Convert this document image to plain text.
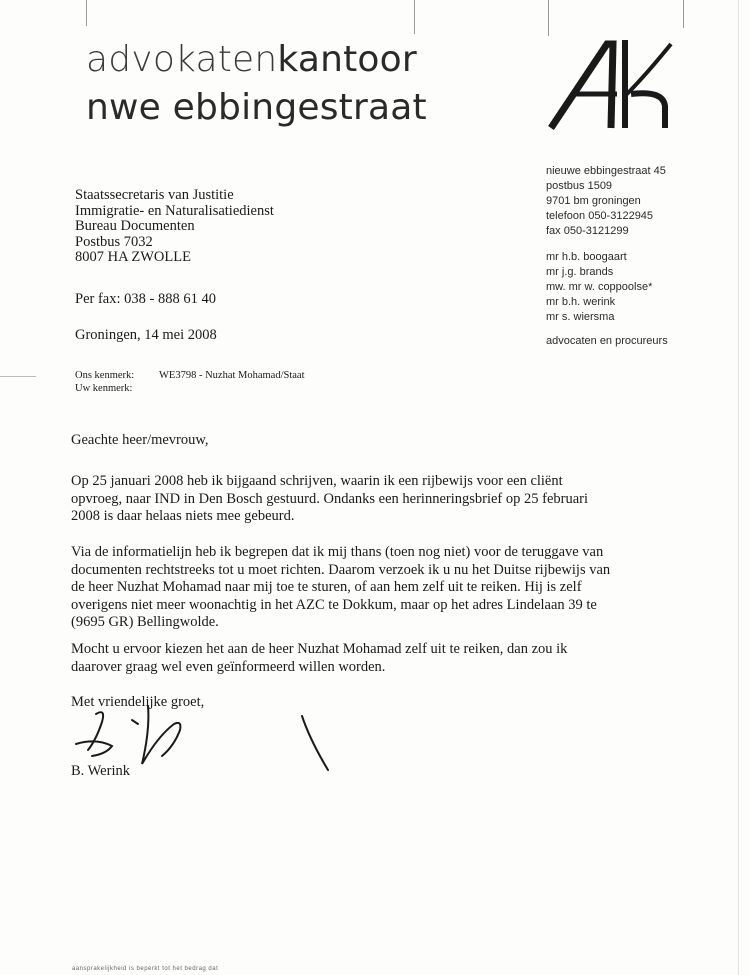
advokatenkantoor
nwe ebbingestraat
AK
nieuwe ebbingestraat 45
postbus 1509
9701 bm groningen
telefoon 050-3122945
fax 050-3121299
mr h.b. boogaart
mr j.g. brands
mw. mr w. coppoolse*
mr b.h. werink
mr s. wiersma
advocaten en procureurs
Staatssecretaris van Justitie
Immigratie- en Naturalisatiedienst
Bureau Documenten
Postbus 7032
8007 HA ZWOLLE
Per fax: 038 - 888 61 40
Groningen, 14 mei 2008
Ons kenmerk: WE3798 - Nuzhat Mohamad/Staat
Uw kenmerk:
Geachte heer/mevrouw,
Op 25 januari 2008 heb ik bijgaand schrijven, waarin ik een rijbewijs voor een cliënt
opvroeg, naar IND in Den Bosch gestuurd. Ondanks een herinneringsbrief op 25 februari
2008 is daar helaas niets mee gebeurd.
Via de informatielijn heb ik begrepen dat ik mij thans (toen nog niet) voor de teruggave van
documenten rechtstreeks tot u moet richten. Daarom verzoek ik u nu het Duitse rijbewijs van
de heer Nuzhat Mohamad naar mij toe te sturen, of aan hem zelf uit te reiken. Hij is zelf
overigens niet meer woonachtig in het AZC te Dokkum, maar op het adres Lindelaan 39 te
(9695 GR) Bellingwolde.
Mocht u ervoor kiezen het aan de heer Nuzhat Mohamad zelf uit te reiken, dan zou ik
daarover graag wel even geïnformeerd willen worden.
Met vriendelijke groet,
B. Werink
aansprakelijkheid is beperkt tot het bedrag dat
